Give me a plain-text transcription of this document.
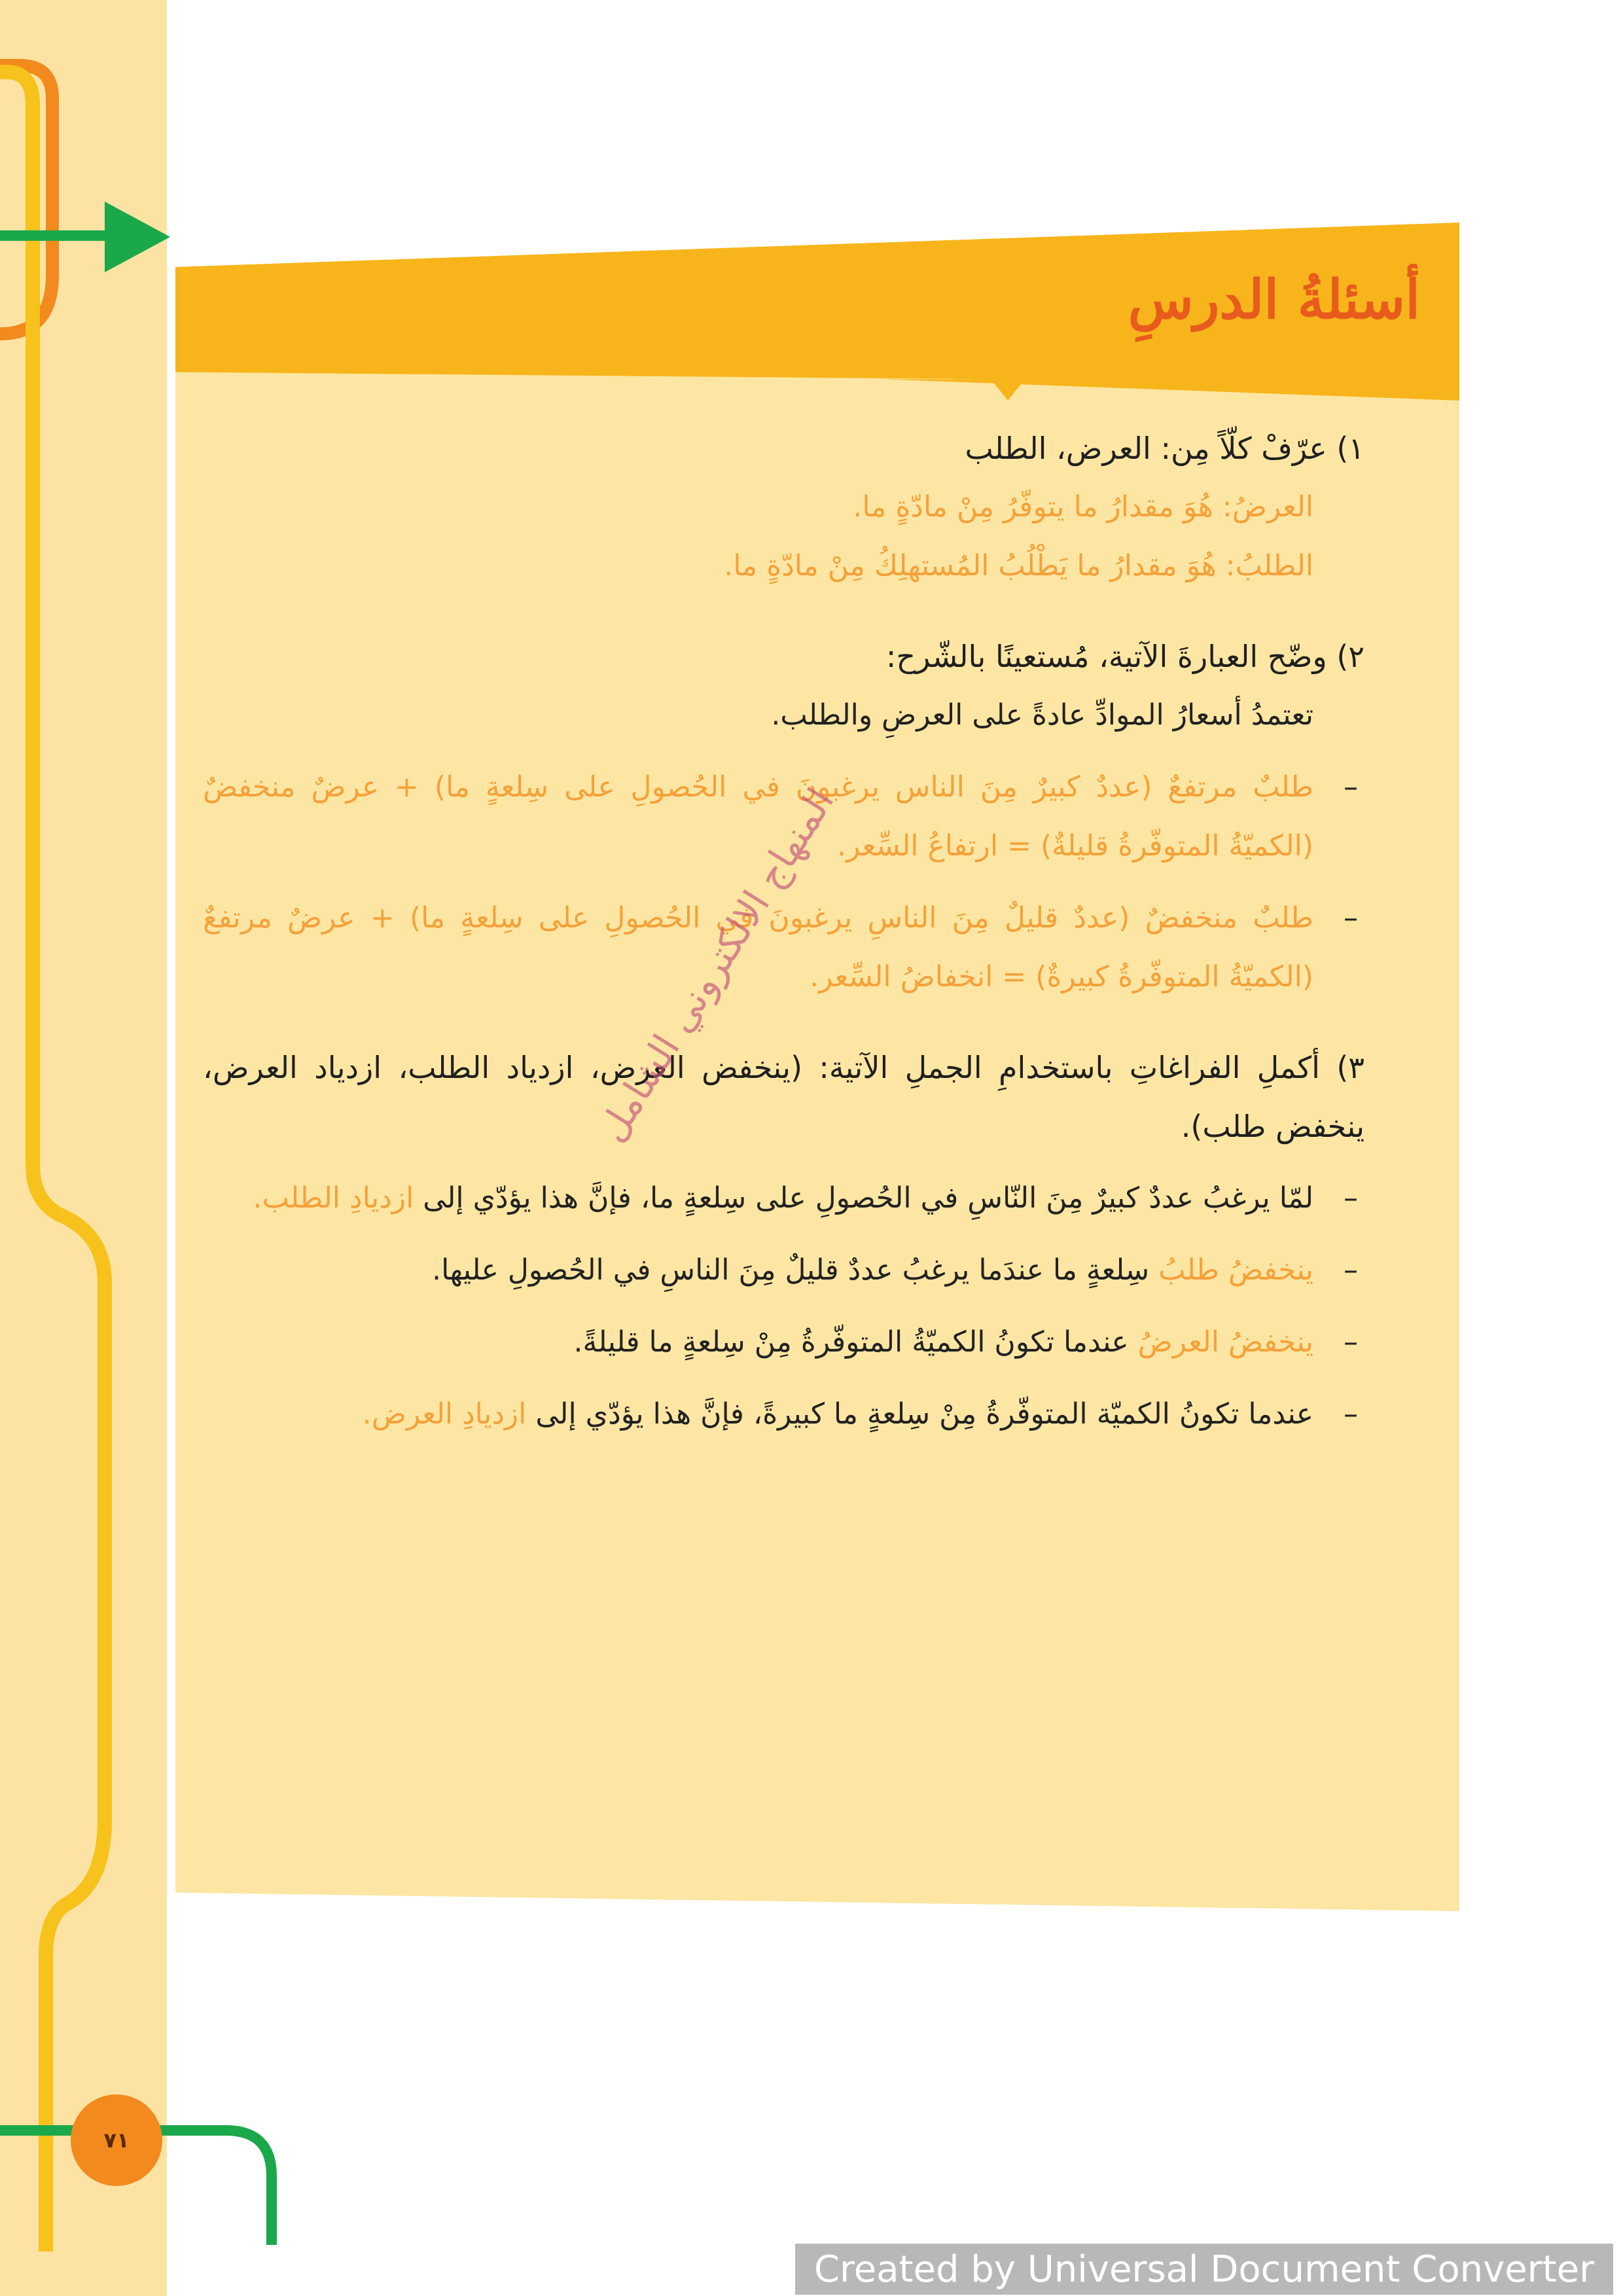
أسئلةُ الدرسِ
١) عرّفْ كلّاً مِن: العرض، الطلب
العرضُ: هُوَ مقدارُ ما يتوفّرُ مِنْ مادّةٍ ما.
الطلبُ: هُوَ مقدارُ ما يَطْلُبُ المُستهلِكُ مِنْ مادّةٍ ما.
٢) وضّح العبارةَ الآتية، مُستعينًا بالشّرح:
تعتمدُ أسعارُ الموادِّ عادةً على العرضِ والطلب.
–
طلبٌ مرتفعٌ (عددٌ كبيرٌ مِنَ الناس يرغبونَ في الحُصولِ على سِلعةٍ ما) + عرضٌ منخفضٌ (الكميّةُ المتوفّرةُ قليلةٌ) = ارتفاعُ السِّعر.
–
طلبٌ منخفضٌ (عددٌ قليلٌ مِنَ الناسِ يرغبونَ في الحُصولِ على سِلعةٍ ما) + عرضٌ مرتفعٌ (الكميّةُ المتوفّرةُ كبيرةٌ) = انخفاضُ السِّعر.
٣) أكملِ الفراغاتِ باستخدامِ الجملِ الآتية: (ينخفض العرض، ازدياد الطلب، ازدياد العرض، ينخفض طلب).
–
لمّا يرغبُ عددٌ كبيرٌ مِنَ النّاسِ في الحُصولِ على سِلعةٍ ما، فإنَّ هذا يؤدّي إلى ازديادِ الطلب.
–
ينخفضُ طلبُ سِلعةٍ ما عندَما يرغبُ عددٌ قليلٌ مِنَ الناسِ في الحُصولِ عليها.
–
ينخفضُ العرضُ عندما تكونُ الكميّةُ المتوفّرةُ مِنْ سِلعةٍ ما قليلةً.
–
عندما تكونُ الكميّة المتوفّرةُ مِنْ سِلعةٍ ما كبيرةً، فإنَّ هذا يؤدّي إلى ازديادِ العرض.
المنهاج الالكتروني الشامل
٧١
Created by Universal Document Converter
